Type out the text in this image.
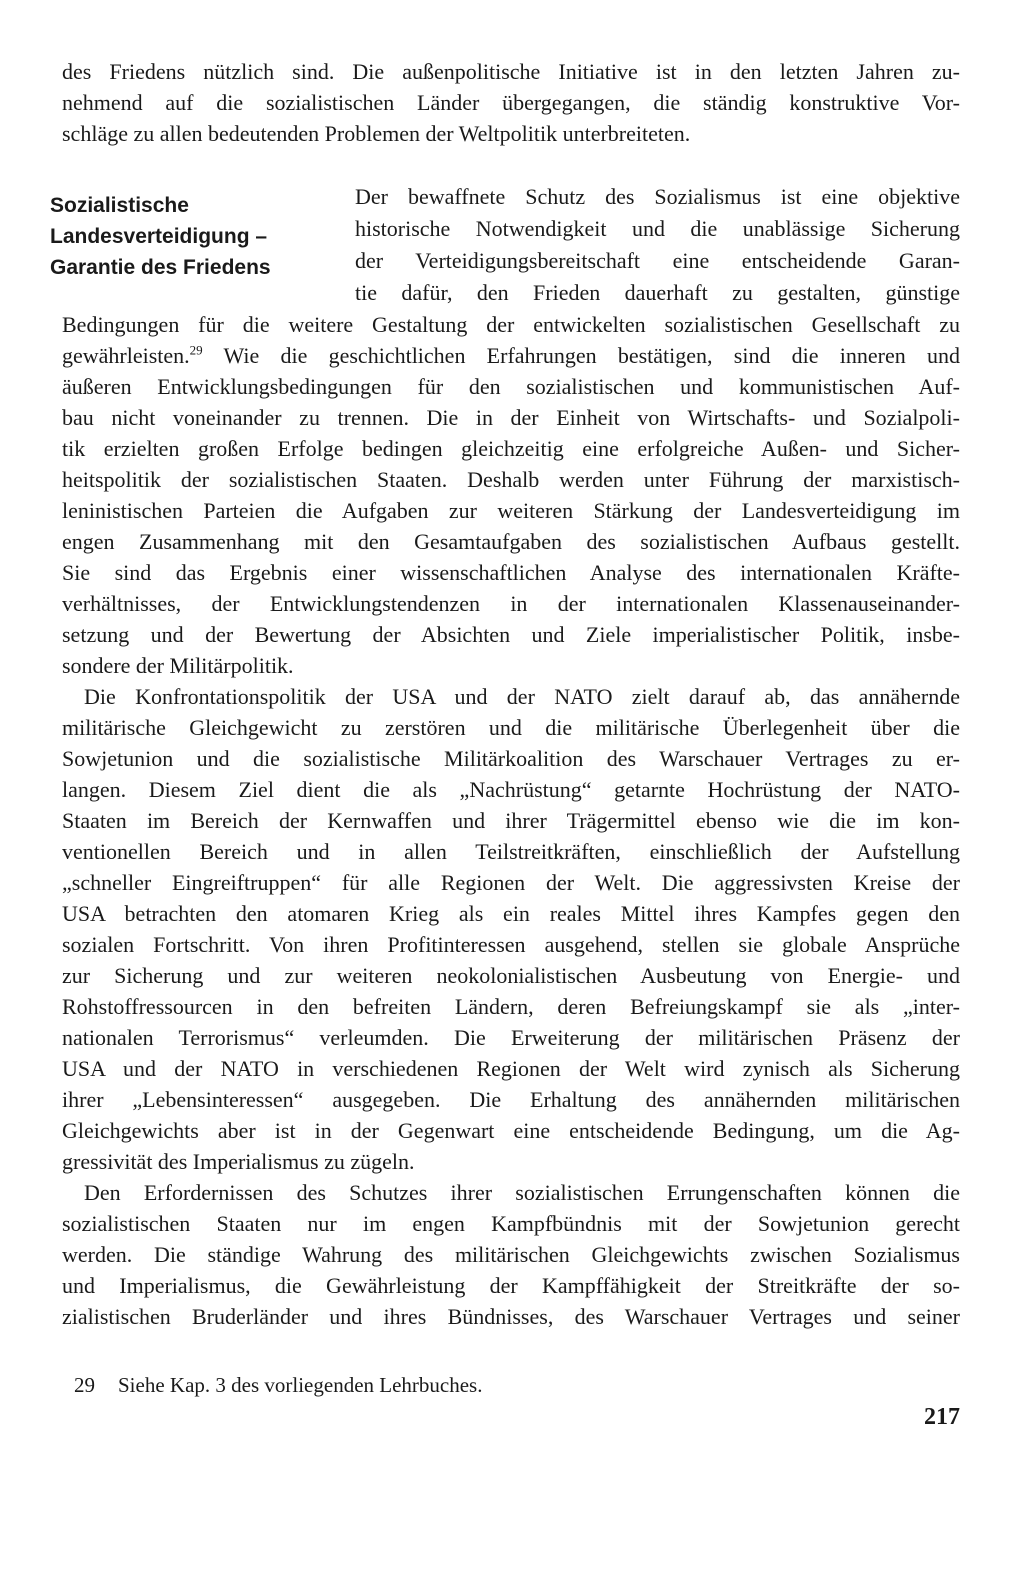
des Friedens nützlich sind. Die außenpolitische Initiative ist in den letzten Jahren zu-

nehmend auf die sozialistischen Länder übergegangen, die ständig konstruktive Vor-

schläge zu allen bedeutenden Problemen der Weltpolitik unterbreiteten.

Sozialistische
Landesverteidigung –
Garantie des Friedens

Der bewaffnete Schutz des Sozialismus ist eine objektive

historische Notwendigkeit und die unablässige Sicherung

der Verteidigungsbereitschaft eine entscheidende Garan-

tie dafür, den Frieden dauerhaft zu gestalten, günstige

Bedingungen für die weitere Gestaltung der entwickelten sozialistischen Gesellschaft zu

gewährleisten.$^{29}$ Wie die geschichtlichen Erfahrungen bestätigen, sind die inneren und

äußeren Entwicklungsbedingungen für den sozialistischen und kommunistischen Auf-

bau nicht voneinander zu trennen. Die in der Einheit von Wirtschafts- und Sozialpoli-

tik erzielten großen Erfolge bedingen gleichzeitig eine erfolgreiche Außen- und Sicher-

heitspolitik der sozialistischen Staaten. Deshalb werden unter Führung der marxistisch-

leninistischen Parteien die Aufgaben zur weiteren Stärkung der Landesverteidigung im

engen Zusammenhang mit den Gesamtaufgaben des sozialistischen Aufbaus gestellt.

Sie sind das Ergebnis einer wissenschaftlichen Analyse des internationalen Kräfte-

verhältnisses, der Entwicklungstendenzen in der internationalen Klassenauseinander-

setzung und der Bewertung der Absichten und Ziele imperialistischer Politik, insbe-

sondere der Militärpolitik.

Die Konfrontationspolitik der USA und der NATO zielt darauf ab, das annähernde

militärische Gleichgewicht zu zerstören und die militärische Überlegenheit über die

Sowjetunion und die sozialistische Militärkoalition des Warschauer Vertrages zu er-

langen. Diesem Ziel dient die als „Nachrüstung“ getarnte Hochrüstung der NATO-

Staaten im Bereich der Kernwaffen und ihrer Trägermittel ebenso wie die im kon-

ventionellen Bereich und in allen Teilstreitkräften, einschließlich der Aufstellung

„schneller Eingreiftruppen“ für alle Regionen der Welt. Die aggressivsten Kreise der

USA betrachten den atomaren Krieg als ein reales Mittel ihres Kampfes gegen den

sozialen Fortschritt. Von ihren Profitinteressen ausgehend, stellen sie globale Ansprüche

zur Sicherung und zur weiteren neokolonialistischen Ausbeutung von Energie- und

Rohstoffressourcen in den befreiten Ländern, deren Befreiungskampf sie als „inter-

nationalen Terrorismus“ verleumden. Die Erweiterung der militärischen Präsenz der

USA und der NATO in verschiedenen Regionen der Welt wird zynisch als Sicherung

ihrer „Lebensinteressen“ ausgegeben. Die Erhaltung des annähernden militärischen

Gleichgewichts aber ist in der Gegenwart eine entscheidende Bedingung, um die Ag-

gressivität des Imperialismus zu zügeln.

Den Erfordernissen des Schutzes ihrer sozialistischen Errungenschaften können die

sozialistischen Staaten nur im engen Kampfbündnis mit der Sowjetunion gerecht

werden. Die ständige Wahrung des militärischen Gleichgewichts zwischen Sozialismus

und Imperialismus, die Gewährleistung der Kampffähigkeit der Streitkräfte der so-

zialistischen Bruderländer und ihres Bündnisses, des Warschauer Vertrages und seiner

29 Siehe Kap. 3 des vorliegenden Lehrbuches.
217
